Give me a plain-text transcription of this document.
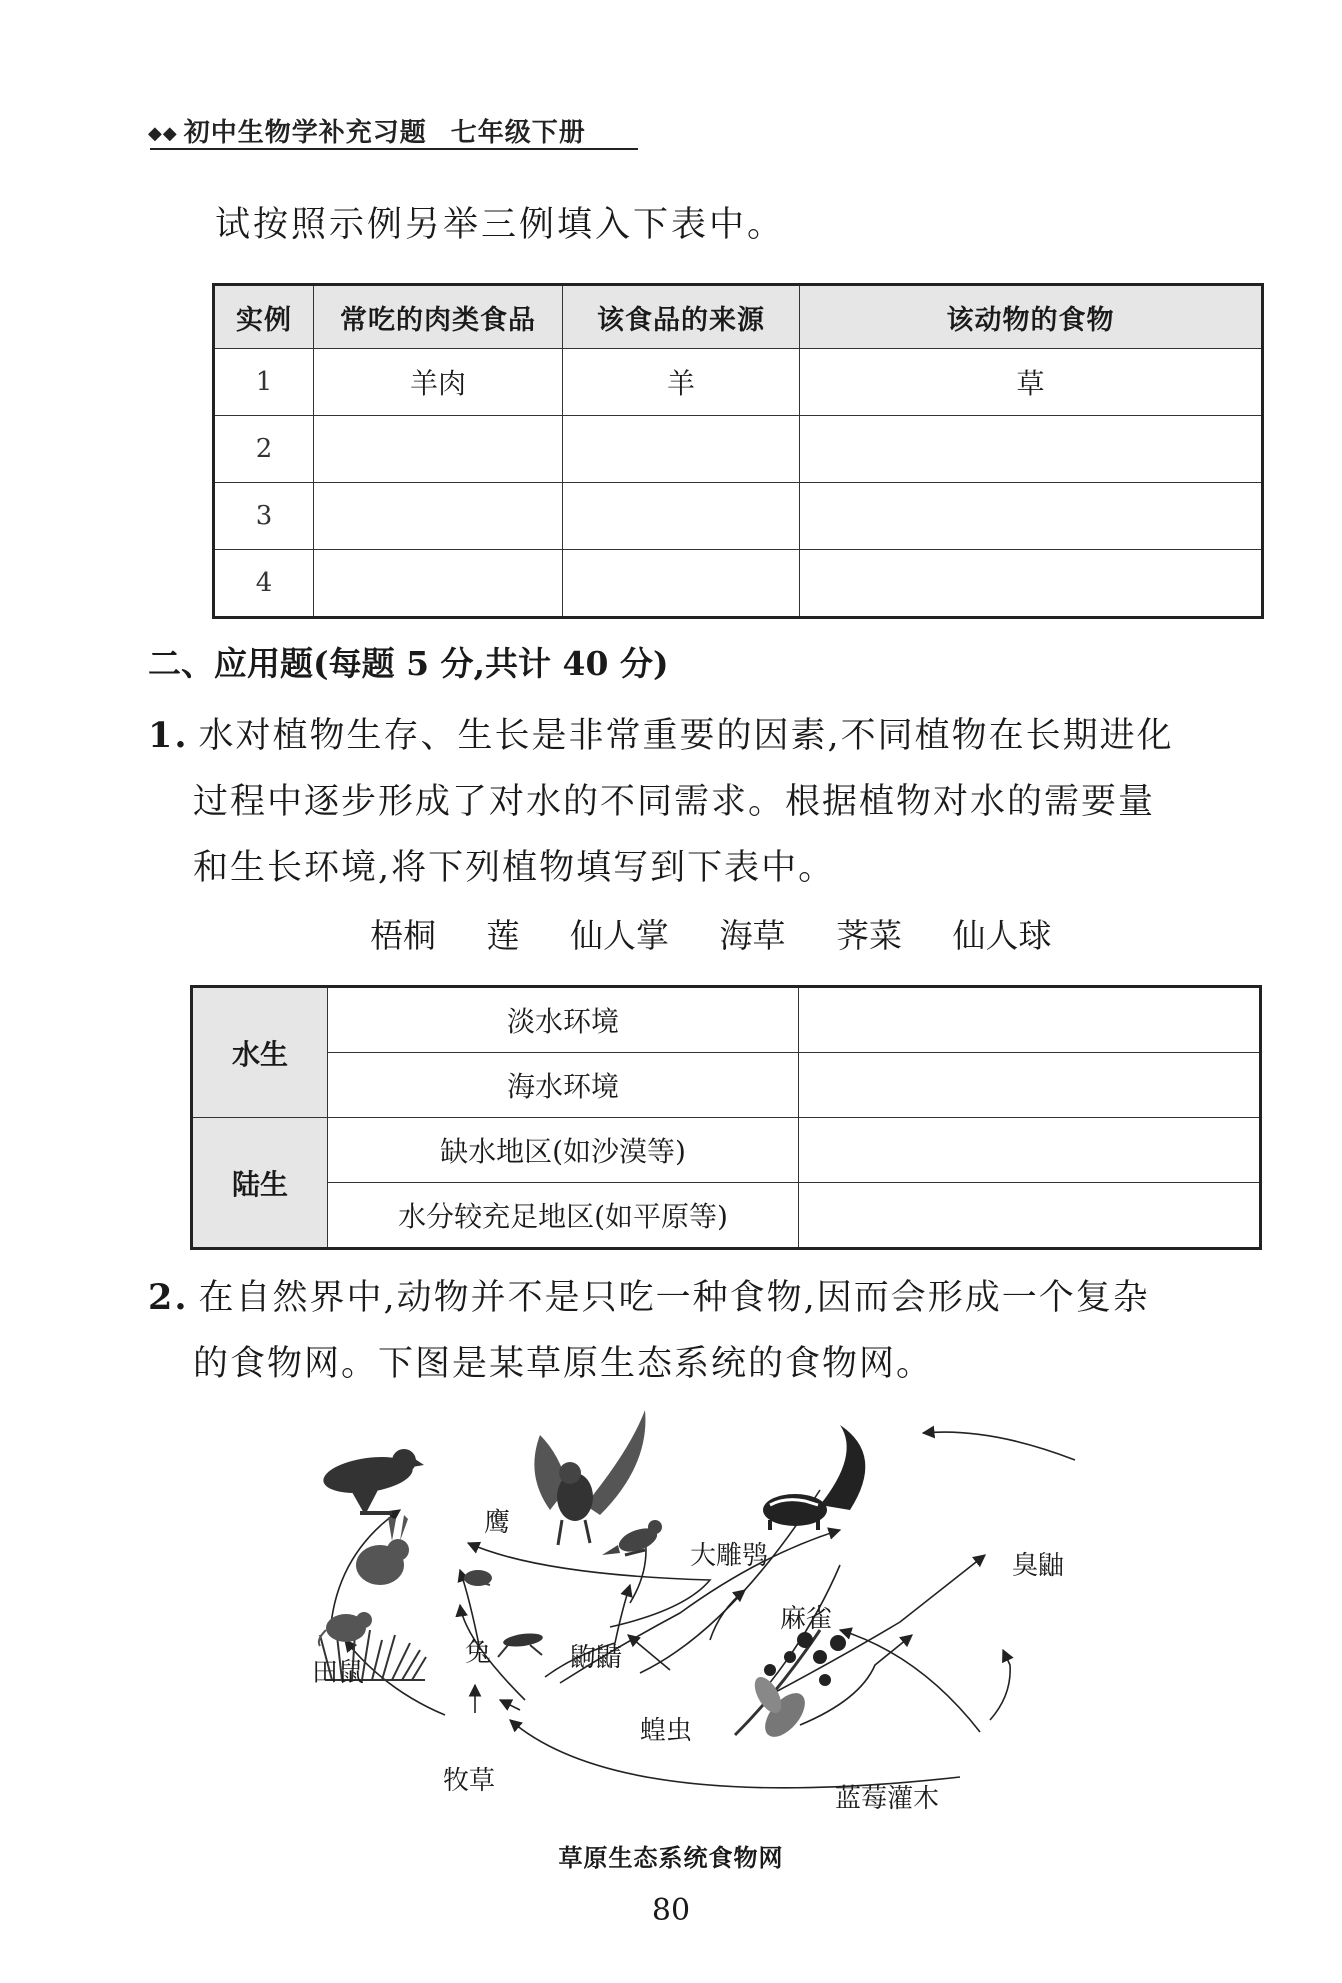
◆◆ 初中生物学补充习题 七年级下册
试按照示例另举三例填入下表中。
实例	常吃的肉类食品	该食品的来源	该动物的食物
1	羊肉	羊	草
2			
3			
4			
二、应用题(每题 5 分,共计 40 分)
1. 水对植物生存、生长是非常重要的因素,不同植物在长期进化
过程中逐步形成了对水的不同需求。根据植物对水的需要量
和生长环境,将下列植物填写到下表中。
梧桐 莲 仙人掌 海草 荠菜 仙人球
水生	淡水环境	
	海水环境	
陆生	缺水地区(如沙漠等)	
	水分较充足地区(如平原等)	
2. 在自然界中,动物并不是只吃一种食物,因而会形成一个复杂
的食物网。下图是某草原生态系统的食物网。
鹰
大雕鸮	臭鼬
麻雀
田鼠
兔	鼩鼱
蝗虫
牧草
蓝莓灌木
草原生态系统食物网
80
